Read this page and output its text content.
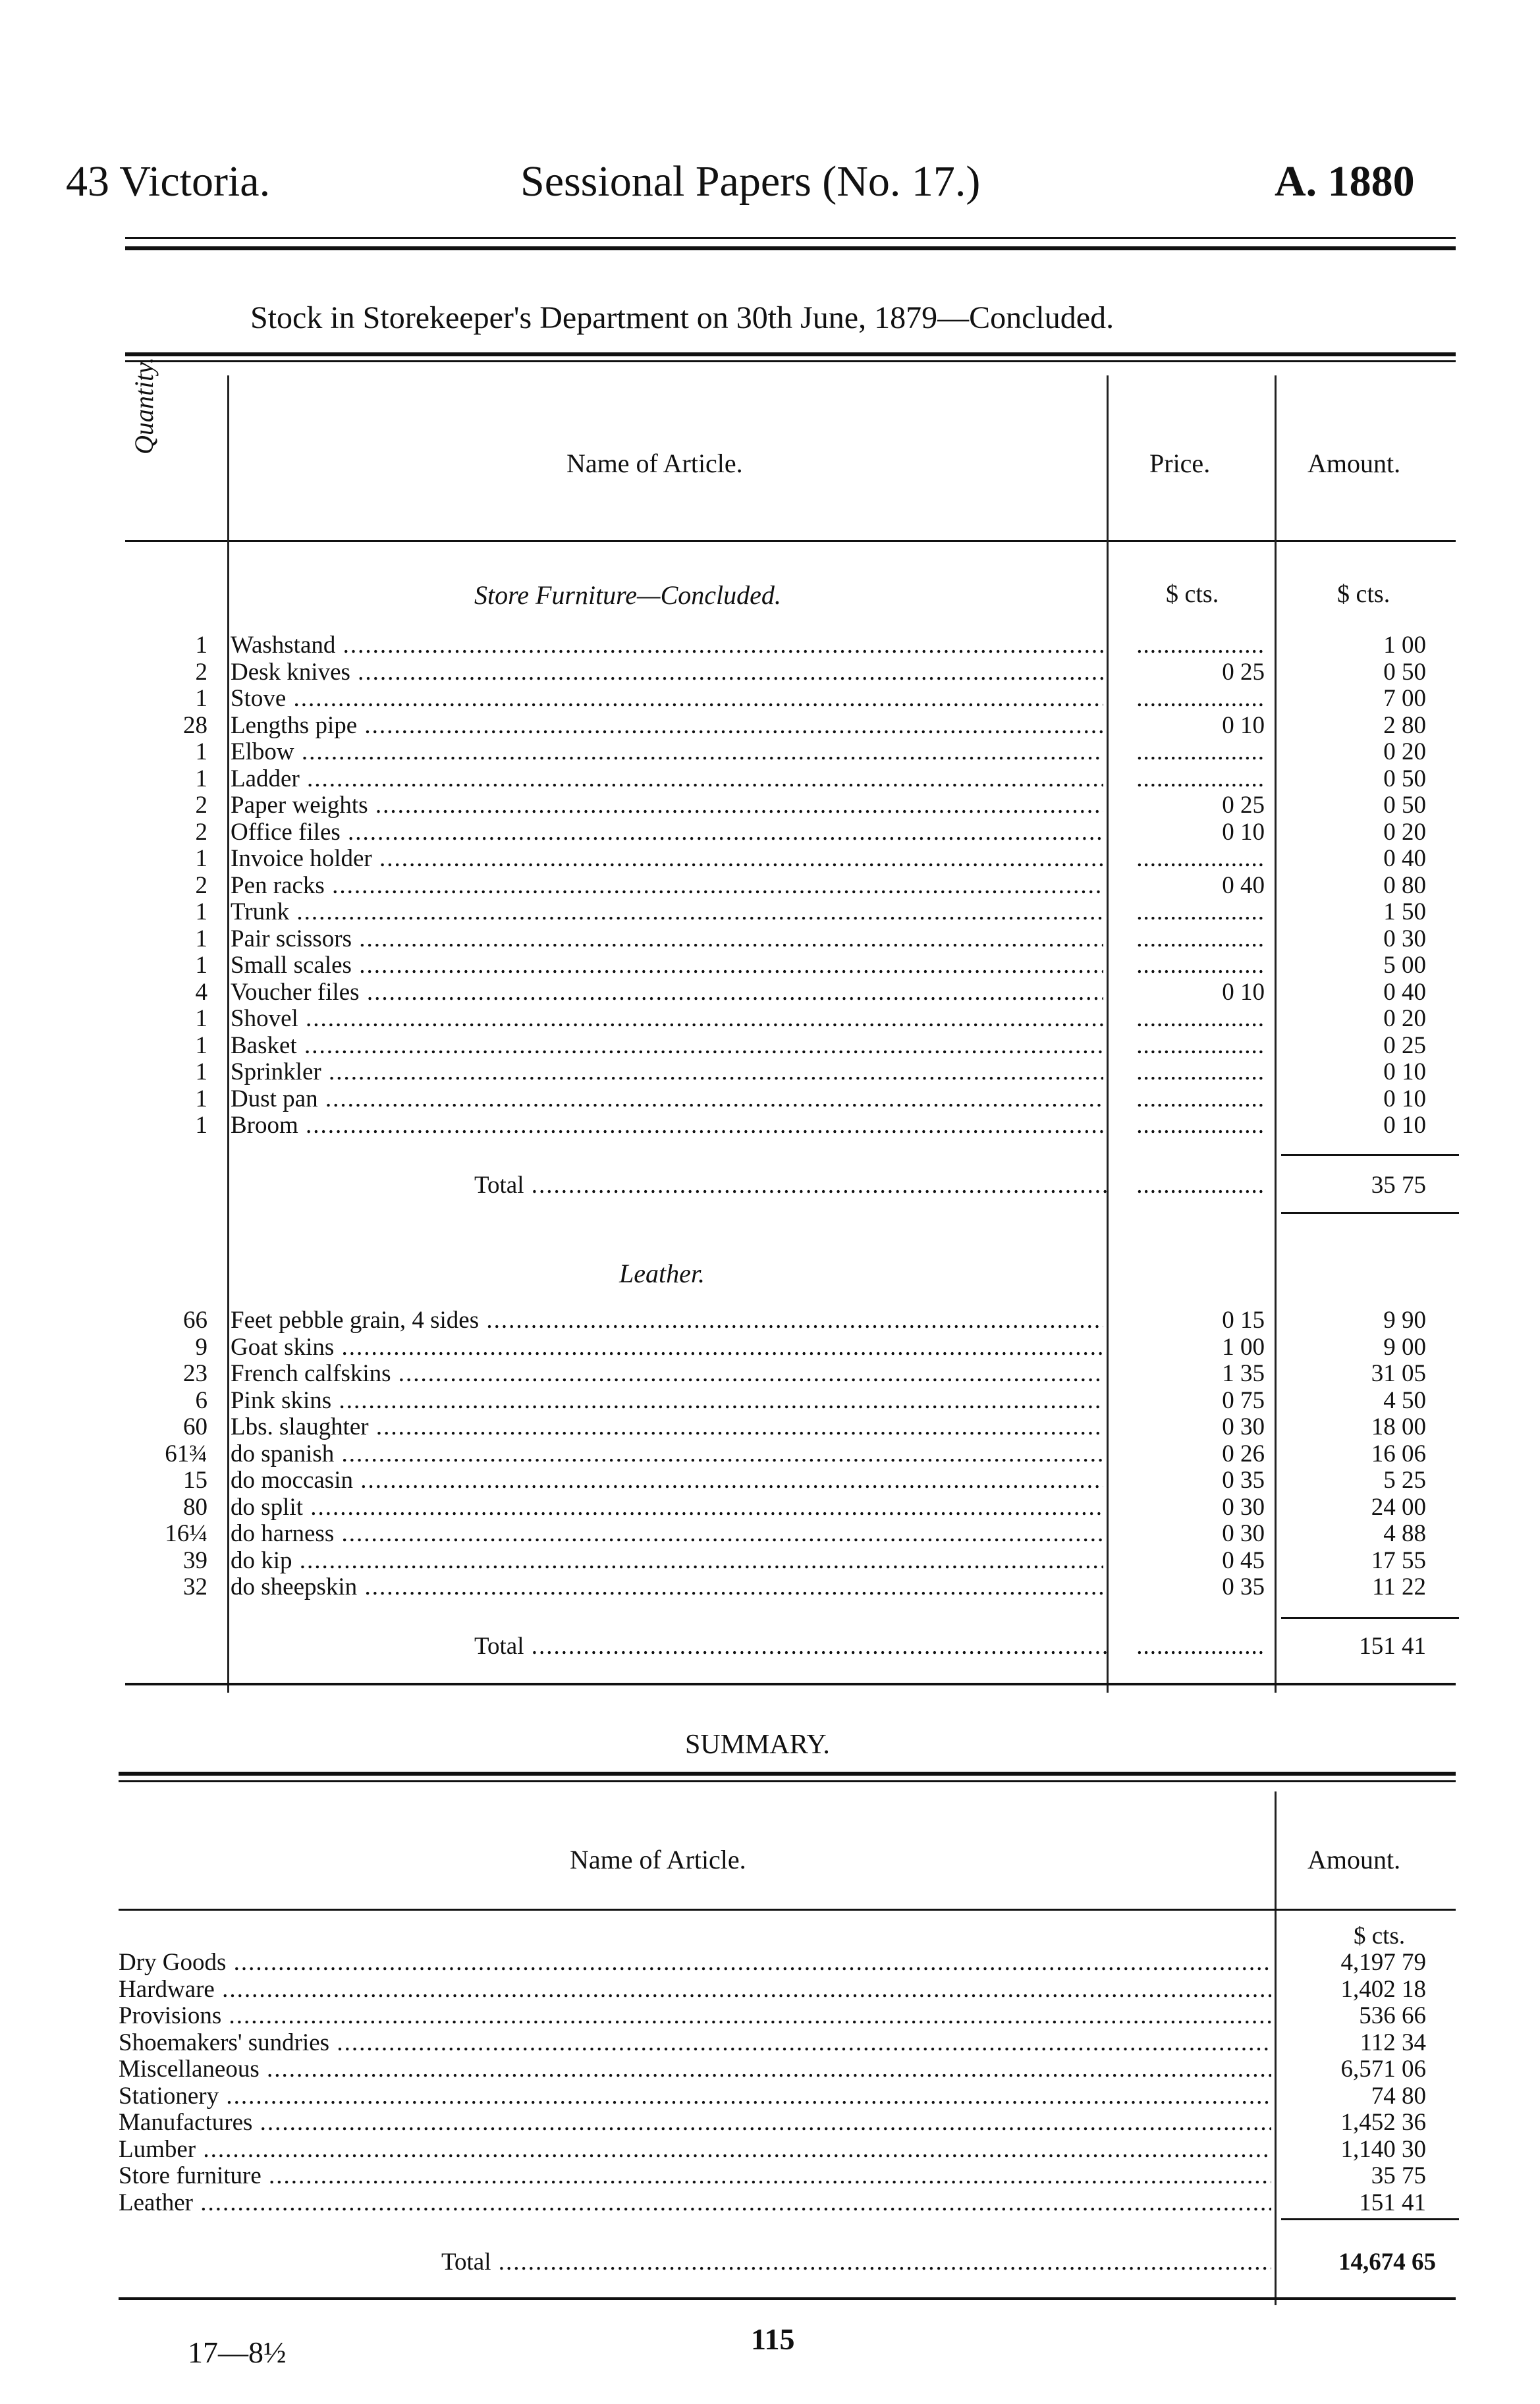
43 Victoria.	Sessional Papers (No. 17.)	A. 1880
Stock in Storekeeper's Department on 30th June, 1879—Concluded.
Quantity.
Name of Article.	Price.	Amount.
Store Furniture—Concluded.	$ cts.	$ cts.
1 Washstand ..... .....	1 00
2 Desk knives .....	0 25	0 50
1 Stove ..... .....	7 00
28 Lengths pipe .....	0 10	2 80
1 Elbow ..... .....	0 20
1 Ladder ..... .....	0 50
2 Paper weights .....	0 25	0 50
2 Office files .....	0 10	0 20
1 Invoice holder ..... .....	0 40
2 Pen racks .....	0 40	0 80
1 Trunk ..... .....	1 50
1 Pair scissors ..... .....	0 30
1 Small scales ..... .....	5 00
4 Voucher files .....	0 10	0 40
1 Shovel ..... .....	0 20
1 Basket ..... .....	0 25
1 Sprinkler ..... .....	0 10
1 Dust pan ..... .....	0 10
1 Broom ..... .....	0 10
Total ..... .....	35 75
Leather.
66 Feet pebble grain, 4 sides .....	0 15	9 90
9 Goat skins .....	1 00	9 00
23 French calfskins .....	1 35	31 05
6 Pink skins .....	0 75	4 50
60 Lbs. slaughter .....	0 30	18 00
61¾ do spanish .....	0 26	16 06
15 do moccasin .....	0 35	5 25
80 do split .....	0 30	24 00
16¼ do harness .....	0 30	4 88
39 do kip .....	0 45	17 55
32 do sheepskin .....	0 35	11 22
Total ..... .....	151 41
SUMMARY.
Name of Article.	Amount.
$ cts.
Dry Goods .....	4,197 79
Hardware .....	1,402 18
Provisions .....	536 66
Shoemakers' sundries .....	112 34
Miscellaneous .....	6,571 06
Stationery .....	74 80
Manufactures .....	1,452 36
Lumber .....	1,140 30
Store furniture .....	35 75
Leather .....	151 41
Total .....	14,674 65
17—8½	115
